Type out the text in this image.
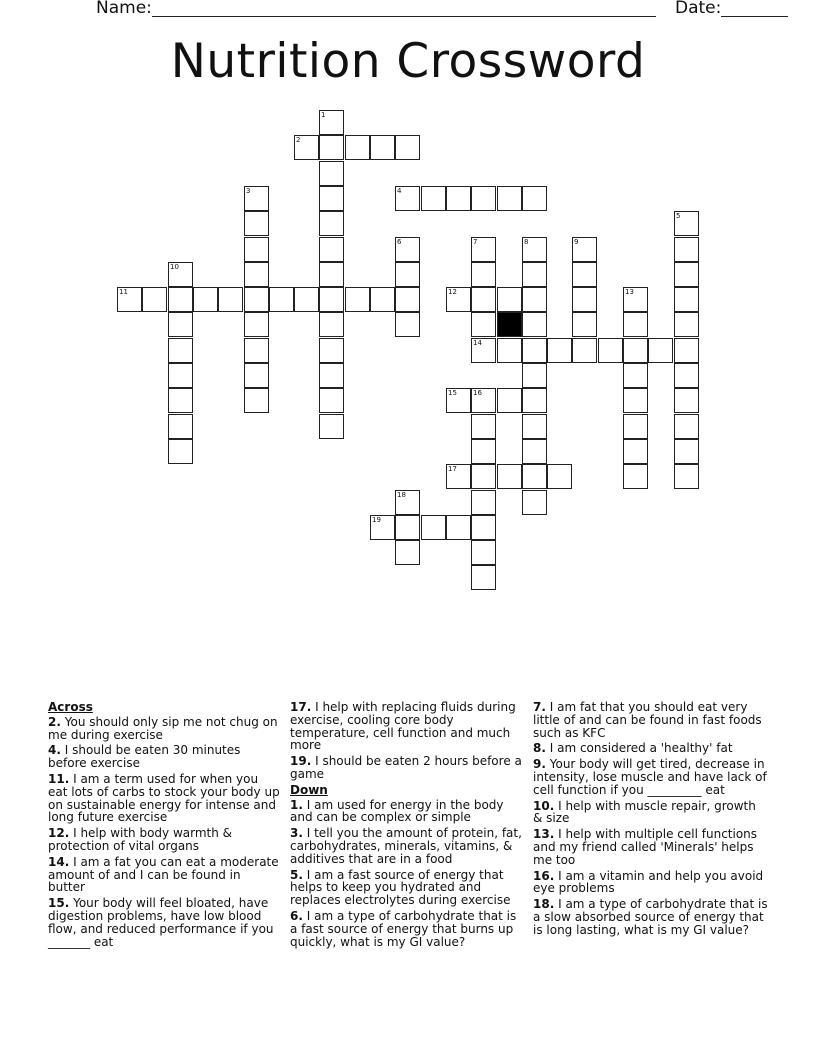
Name:	Date:
Nutrition Crossword
2
4
11	12
14
15 16
17
19
1
3
5
6	7	8	9
10
13
18
Across
2. You should only sip me not chug on me during exercise
4. I should be eaten 30 minutes before exercise
11. I am a term used for when you eat lots of carbs to stock your body up on sustainable energy for intense and long future exercise
12. I help with body warmth & protection of vital organs
14. I am a fat you can eat a moderate amount of and I can be found in butter
15. Your body will feel bloated, have digestion problems, have low blood flow, and reduced performance if you _______ eat
17. I help with replacing fluids during exercise, cooling core body temperature, cell function and much more
19. I should be eaten 2 hours before a game
Down
1. I am used for energy in the body and can be complex or simple
3. I tell you the amount of protein, fat, carbohydrates, minerals, vitamins, & additives that are in a food
5. I am a fast source of energy that helps to keep you hydrated and replaces electrolytes during exercise
6. I am a type of carbohydrate that is a fast source of energy that burns up quickly, what is my GI value?
7. I am fat that you should eat very little of and can be found in fast foods such as KFC
8. I am considered a 'healthy' fat
9. Your body will get tired, decrease in intensity, lose muscle and have lack of cell function if you _________ eat
10. I help with muscle repair, growth & size
13. I help with multiple cell functions and my friend called 'Minerals' helps me too
16. I am a vitamin and help you avoid eye problems
18. I am a type of carbohydrate that is a slow absorbed source of energy that is long lasting, what is my GI value?
